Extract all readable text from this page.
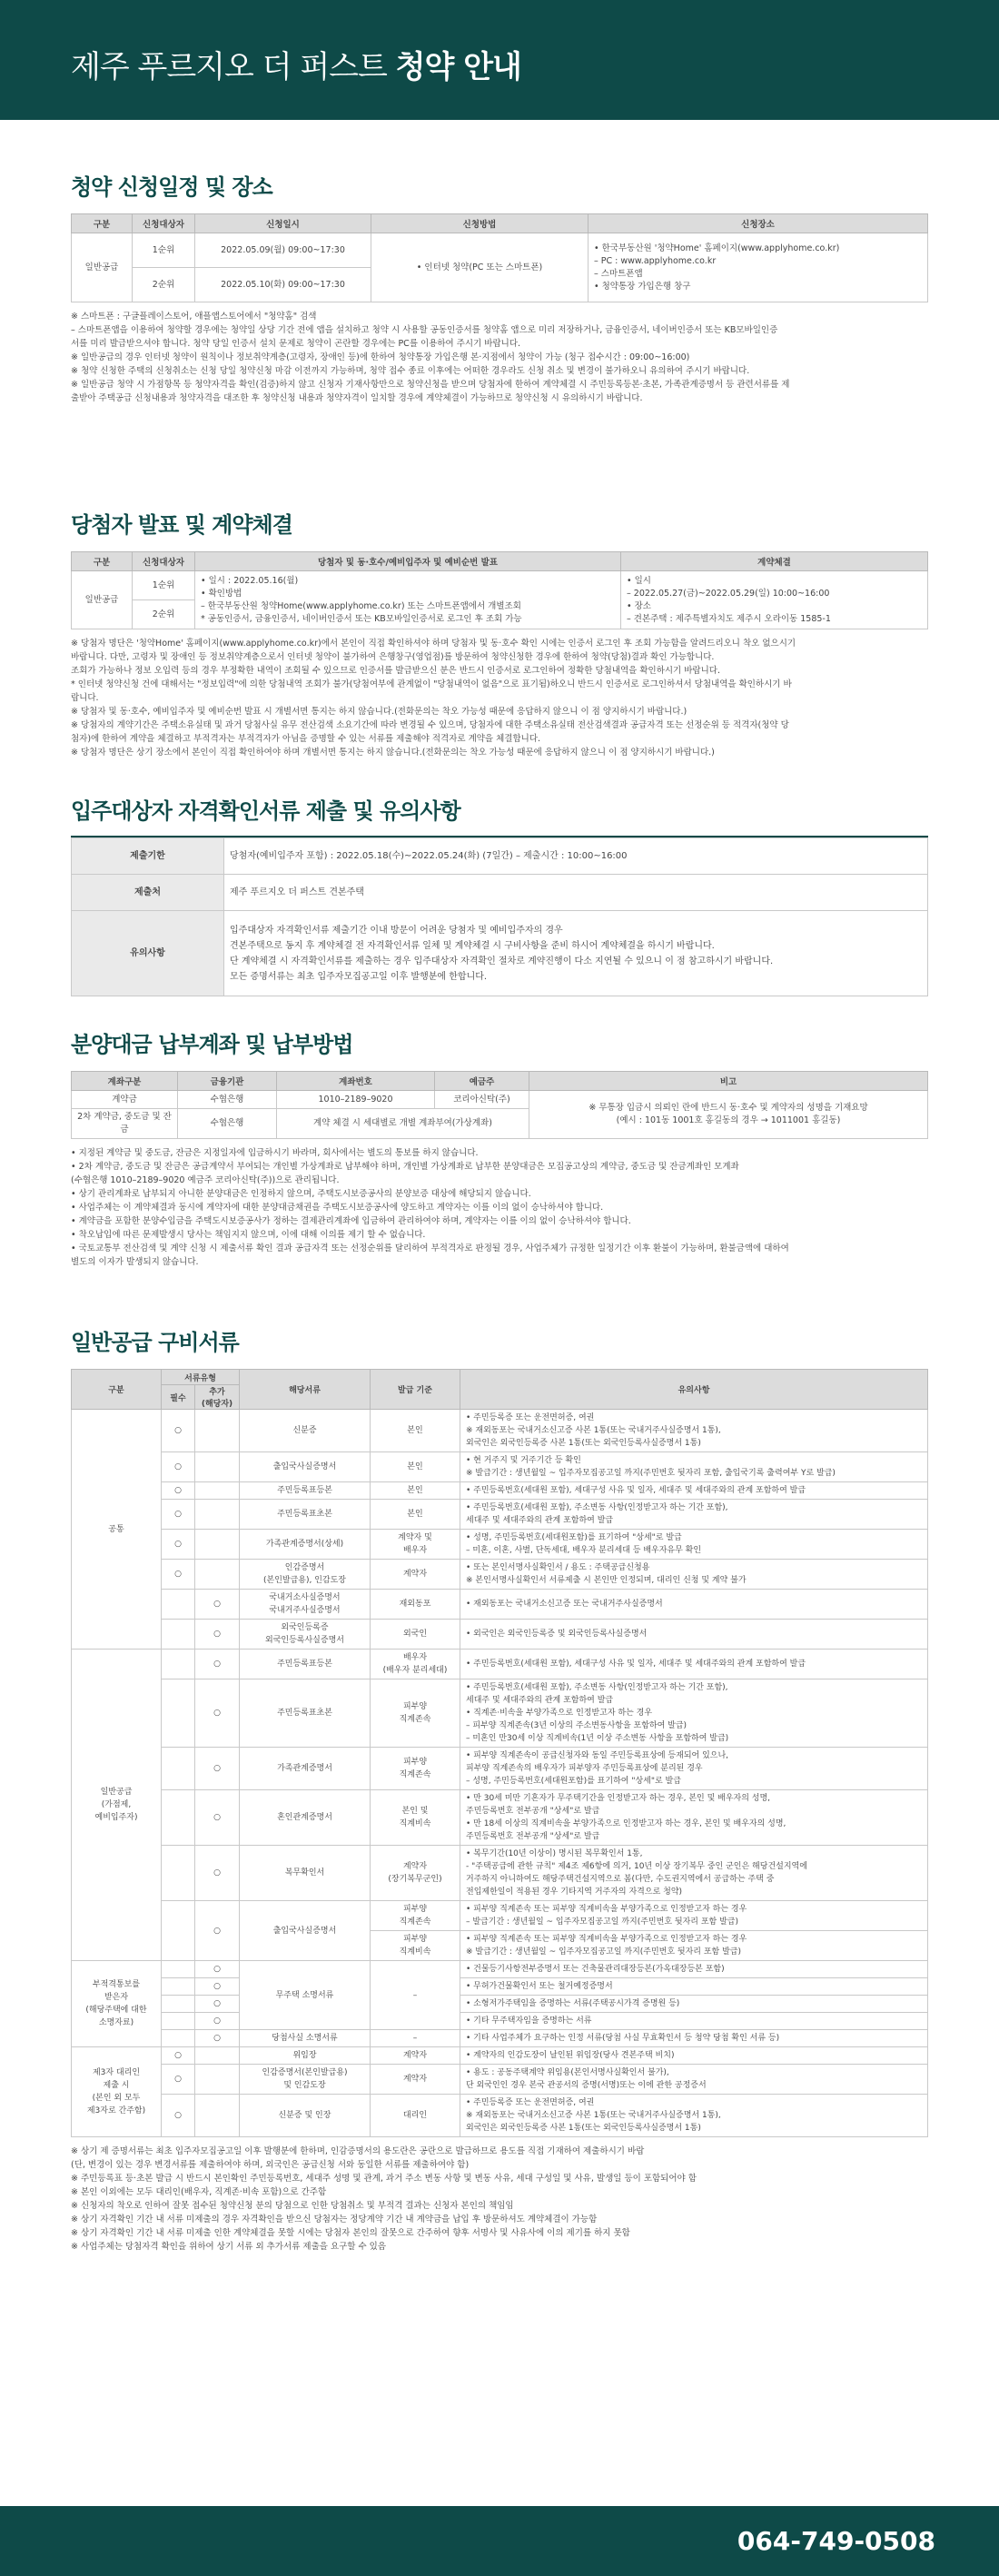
제주 푸르지오 더 퍼스트 청약 안내
청약 신청일정 및 장소
구분	신청대상자	신청일시	신청방법	신청장소
일반공급	1순위	2022.05.09(월) 09:00~17:30	• 인터넷 청약(PC 또는 스마트폰)	• 한국부동산원 '청약Home' 홈페이지(www.applyhome.co.kr)
– PC : www.applyhome.co.kr
– 스마트폰앱
• 청약통장 가입은행 창구
	2순위	2022.05.10(화) 09:00~17:30		
※ 스마트폰 : 구글플레이스토어, 애플앱스토어에서 "청약홈" 검색
– 스마트폰앱을 이용하여 청약할 경우에는 청약일 상당 기간 전에 앱을 설치하고 청약 시 사용할 공동인증서를 청약홈 앱으로 미리 저장하거나, 금융인증서, 네이버인증서 또는 KB모바일인증
서를 미리 발급받으셔야 합니다. 청약 당일 인증서 설치 문제로 청약이 곤란할 경우에는 PC를 이용하여 주시기 바랍니다.
※ 일반공급의 경우 인터넷 청약이 원칙이나 정보취약계층(고령자, 장애인 등)에 한하여 청약통장 가입은행 본·지점에서 청약이 가능 (청구 접수시간 : 09:00~16:00)
※ 청약 신청한 주택의 신청취소는 신청 당일 청약신청 마감 이전까지 가능하며, 청약 접수 종료 이후에는 어떠한 경우라도 신청 취소 및 변경이 불가하오니 유의하여 주시기 바랍니다.
※ 일반공급 청약 시 가점항목 등 청약자격을 확인(검증)하지 않고 신청자 기재사항만으로 청약신청을 받으며 당첨자에 한하여 계약체결 시 주민등록등본·초본, 가족관계증명서 등 관련서류를 제
출받아 주택공급 신청내용과 청약자격을 대조한 후 청약신청 내용과 청약자격이 일치할 경우에 계약체결이 가능하므로 청약신청 시 유의하시기 바랍니다.
당첨자 발표 및 계약체결
구분	신청대상자	당첨자 및 동·호수/예비입주자 및 예비순번 발표	계약체결
일반공급	1순위	• 일시 : 2022.05.16(월)
• 확인방법
– 한국부동산원 청약Home(www.applyhome.co.kr) 또는 스마트폰앱에서 개별조회
* 공동인증서, 금융인증서, 네이버인증서 또는 KB모바일인증서로 로그인 후 조회 가능	• 일시
– 2022.05.27(금)~2022.05.29(일) 10:00~16:00
• 장소
– 견본주택 : 제주특별자치도 제주시 오라이동 1585-1
	2순위		
※ 당첨자 명단은 '청약Home' 홈페이지(www.applyhome.co.kr)에서 본인이 직접 확인하셔야 하며 당첨자 및 동·호수 확인 시에는 인증서 로그인 후 조회 가능함을 알려드리오니 착오 없으시기
바랍니다. 다만, 고령자 및 장애인 등 정보취약계층으로서 인터넷 청약이 불가하여 은행창구(영업점)를 방문하여 청약신청한 경우에 한하여 청약(당첨)결과 확인 가능합니다.
조회가 가능하나 정보 오입력 등의 경우 부정확한 내역이 조회될 수 있으므로 인증서를 발급받으신 분은 반드시 인증서로 로그인하여 정확한 당첨내역을 확인하시기 바랍니다.
* 인터넷 청약신청 건에 대해서는 "정보입력"에 의한 당첨내역 조회가 불가(당첨여부에 관계없이 "당첨내역이 없음"으로 표기됨)하오니 반드시 인증서로 로그인하셔서 당첨내역을 확인하시기 바
랍니다.
※ 당첨자 및 동·호수, 예비입주자 및 예비순번 발표 시 개별서면 통지는 하지 않습니다.(전화문의는 착오 가능성 때문에 응답하지 않으니 이 점 양지하시기 바랍니다.)
※ 당첨자의 계약기간은 주택소유실태 및 과거 당첨사실 유무 전산검색 소요기간에 따라 변경될 수 있으며, 당첨자에 대한 주택소유실태 전산검색결과 공급자격 또는 선정순위 등 적격자(청약 당
첨자)에 한하여 계약을 체결하고 부적격자는 부적격자가 아님을 증명할 수 있는 서류를 제출해야 적격자로 계약을 체결합니다.
※ 당첨자 명단은 상기 장소에서 본인이 직접 확인하여야 하며 개별서면 통지는 하지 않습니다.(전화문의는 착오 가능성 때문에 응답하지 않으니 이 점 양지하시기 바랍니다.)
입주대상자 자격확인서류 제출 및 유의사항
제출기한	당첨자(예비입주자 포함) : 2022.05.18(수)~2022.05.24(화) (7일간) – 제출시간 : 10:00~16:00
제출처	제주 푸르지오 더 퍼스트 견본주택
유의사항	입주대상자 자격확인서류 제출기간 이내 방문이 어려운 당첨자 및 예비입주자의 경우
견본주택으로 동지 후 계약체결 전 자격확인서류 일체 및 계약체결 시 구비사항을 준비 하시어 계약체결을 하시기 바랍니다.
단 계약체결 시 자격확인서류를 제출하는 경우 입주대상자 자격확인 절차로 계약진행이 다소 지연될 수 있으니 이 점 참고하시기 바랍니다.
모든 증명서류는 최초 입주자모집공고일 이후 발행분에 한합니다.
분양대금 납부계좌 및 납부방법
계좌구분	금융기관	계좌번호	예금주	비고
계약금	수협은행	1010–2189–9020	코리아신탁(주)	※ 무통장 입금시 의뢰인 란에 반드시 동·호수 및 계약자의 성명을 기재요망
(예시 : 101동 1001호 홍길동의 경우 → 1011001 홍길동)
2차 계약금, 중도금 및 잔금	수협은행	계약 체결 시 세대별로 개별 계좌부여(가상계좌)		
• 지정된 계약금 및 중도금, 잔금은 지정일자에 입금하시기 바라며, 회사에서는 별도의 통보를 하지 않습니다.
• 2차 계약금, 중도금 및 잔금은 공급계약서 부여되는 개인별 가상계좌로 납부해야 하며, 개인별 가상계좌로 납부한 분양대금은 모집공고상의 계약금, 중도금 및 잔금계좌인 모계좌
(수협은행 1010–2189–9020 예금주 코리아신탁(주))으로 관리됩니다.
• 상기 관리계좌로 납부되지 아니한 분양대금은 인정하지 않으며, 주택도시보증공사의 분양보증 대상에 해당되지 않습니다.
• 사업주체는 이 계약체결과 동시에 계약자에 대한 분양대금채권을 주택도시보증공사에 양도하고 계약자는 이를 이의 없이 승낙하셔야 합니다.
• 계약금을 포함한 분양수입금을 주택도시보증공사가 정하는 결제관리계좌에 입금하여 관리하여야 하며, 계약자는 이를 이의 없이 승낙하셔야 합니다.
• 착오납입에 따른 문제발생시 당사는 책임지지 않으며, 이에 대해 이의를 제기 할 수 없습니다.
• 국토교통부 전산검색 및 계약 신청 시 제출서류 확인 결과 공급자격 또는 선정순위를 달리하여 부적격자로 판정될 경우, 사업주체가 규정한 일정기간 이후 환불이 가능하며, 환불금액에 대하여
별도의 이자가 발생되지 않습니다.
일반공급 구비서류
구분	서류유형		해당서류	발급 기준	유의사항
	필수	추가
(해당자)			
공통	○		신분증	본인	• 주민등록증 또는 운전면허증, 여권
※ 재외동포는 국내거소신고증 사본 1통(또는 국내거주사실증명서 1통),
외국인은 외국인등록증 사본 1통(또는 외국인등록사실증명서 1통)
	○		출입국사실증명서	본인	• 현 거주지 및 거주기간 등 확인
※ 발급기간 : 생년월일 ~ 입주자모집공고일 까지(주민번호 뒷자리 포함, 출입국기록 출력여부 Y로 발급)
	○		주민등록표등본	본인	• 주민등록번호(세대원 포함), 세대구성 사유 및 일자, 세대주 및 세대주와의 관계 포함하여 발급
	○		주민등록표초본	본인	• 주민등록번호(세대원 포함), 주소변동 사항(인정받고자 하는 기간 포함),
세대주 및 세대주와의 관계 포함하여 발급
	○		가족관계증명서(상세)	계약자 및
배우자	• 성명, 주민등록번호(세대원포함)를 표기하여 "상세"로 발급
– 미혼, 이혼, 사별, 단독세대, 배우자 분리세대 등 배우자유무 확인
	○		인감증명서
(본인발급용), 인감도장	계약자	• 또는 본인서명사실확인서 / 용도 : 주택공급신청용
※ 본인서명사실확인서 서류제출 시 본인만 인정되며, 대리인 신청 및 계약 불가
		○	국내거소사실증명서
국내거주사실증명서	재외동포	• 재외동포는 국내거소신고증 또는 국내거주사실증명서
		○	외국인등록증
외국인등록사실증명서	외국인	• 외국인은 외국인등록증 및 외국인등록사실증명서
일반공급
(가점제,
예비입주자)		○	주민등록표등본	배우자
(배우자 분리세대)	• 주민등록번호(세대원 포함), 세대구성 사유 및 일자, 세대주 및 세대주와의 관계 포함하여 발급
		○	주민등록표초본	피부양
직계존속	• 주민등록번호(세대원 포함), 주소변동 사항(인정받고자 하는 기간 포함),
세대주 및 세대주와의 관계 포함하여 발급
• 직계존·비속을 부양가족으로 인정받고자 하는 경우
– 피부양 직계존속(3년 이상의 주소변동사항을 포함하여 발급)
– 미혼인 만30세 이상 직계비속(1년 이상 주소변동 사항을 포함하여 발급)
		○	가족관계증명서	피부양
직계존속	• 피부양 직계존속이 공급신청자와 동일 주민등록표상에 등재되어 있으나,
피부양 직계존속의 배우자가 피부양자 주민등록표상에 분리된 경우
– 성명, 주민등록번호(세대원포함)를 표기하여 "상세"로 발급
		○	혼인관계증명서	본인 및
직계비속	• 만 30세 미만 기혼자가 무주택기간을 인정받고자 하는 경우, 본인 및 배우자의 성명,
주민등록번호 전부공개 "상세"로 발급
• 만 18세 이상의 직계비속을 부양가족으로 인정받고자 하는 경우, 본인 및 배우자의 성명,
주민등록번호 전부공개 "상세"로 발급
		○	복무확인서	계약자
(장기복무군인)	• 복무기간(10년 이상이) 명시된 복무확인서 1통,
- "주택공급에 관한 규칙" 제4조 제6항에 의거, 10년 이상 장기복무 중인 군인은 해당건설지역에
거주하지 아니하여도 해당주택건설지역으로 봄(다만, 수도권지역에서 공급하는 주택 중
전입제한일이 적용된 경우 기타지역 거주자의 자격으로 청약)
		○	출입국사실증명서	피부양
직계존속	• 피부양 직계존속 또는 피부양 직계비속을 부양가족으로 인정받고자 하는 경우
– 발급기간 : 생년월일 ~ 입주자모집공고일 까지(주민번호 뒷자리 포함 발급)
				피부양
직계비속	• 피부양 직계존속 또는 피부양 직계비속을 부양가족으로 인정받고자 하는 경우
※ 발급기간 : 생년월일 ~ 입주자모집공고일 까지(주민번호 뒷자리 포함 발급)
부적격통보를
받은자
(해당주택에 대한
소명자료)		○	무주택 소명서류	–	• 건물등기사항전부증명서 또는 건축물관리대장등본(가옥대장등본 포함)
		○			• 무허가건물확인서 또는 철거예정증명서
		○			• 소형저가주택임을 증명하는 서류(주택공시가격 증명원 등)
		○			• 기타 무주택자임을 증명하는 서류
		○	당첨사실 소명서류	–	• 기타 사업주체가 요구하는 인정 서류(당첨 사실 무효확인서 등 청약 당첨 확인 서류 등)
제3자 대리인
제출 시
(본인 외 모두
제3자로 간주함)	○		위임장	계약자	• 계약자의 인감도장이 날인된 위임장(당사 견본주택 비치)
	○		인감증명서(본인발급용)
및 인감도장	계약자	• 용도 : 공동주택계약 위임용(본인서명사실확인서 불가),
단 외국인인 경우 본국 관공서의 증명(서명)또는 이에 관한 공정증서
	○		신분증 및 인장	대리인	• 주민등록증 또는 운전면허증, 여권
※ 재외동포는 국내거소신고증 사본 1통(또는 국내거주사실증명서 1통),
외국인은 외국인등록증 사본 1통(또는 외국인등록사실증명서 1통)
※ 상기 제 증명서류는 최초 입주자모집공고일 이후 발행분에 한하며, 인감증명서의 용도란은 공란으로 발급하므로 용도를 직접 기재하여 제출하시기 바랍
(단, 변경이 있는 경우 변경서류를 제출하여야 하며, 외국인은 공급신청 서와 동일한 서류를 제출하여야 함)
※ 주민등록표 등·초본 발급 시 반드시 본인확인 주민등록번호, 세대주 성명 및 관계, 과거 주소 변동 사항 및 변동 사유, 세대 구성일 및 사유, 발생일 등이 포함되어야 함
※ 본인 이외에는 모두 대리인(배우자, 직계존·비속 포함)으로 간주함
※ 신청자의 착오로 인하여 잘못 접수된 청약신청 분의 당첨으로 인한 당첨취소 및 부적격 결과는 신청자 본인의 책임임
※ 상기 자격확인 기간 내 서류 미제출의 경우 자격확인을 받으신 당첨자는 정당계약 기간 내 계약금을 납입 후 방문하셔도 계약체결이 가능함
※ 상기 자격확인 기간 내 서류 미제출 인한 계약체결을 못할 시에는 당첨자 본인의 잘못으로 간주하여 향후 서명사 및 사유사에 이의 제기를 하지 못함
※ 사업주체는 당첨자격 확인을 위하여 상기 서류 외 추가서류 제출을 요구할 수 있음
064-749-0508
